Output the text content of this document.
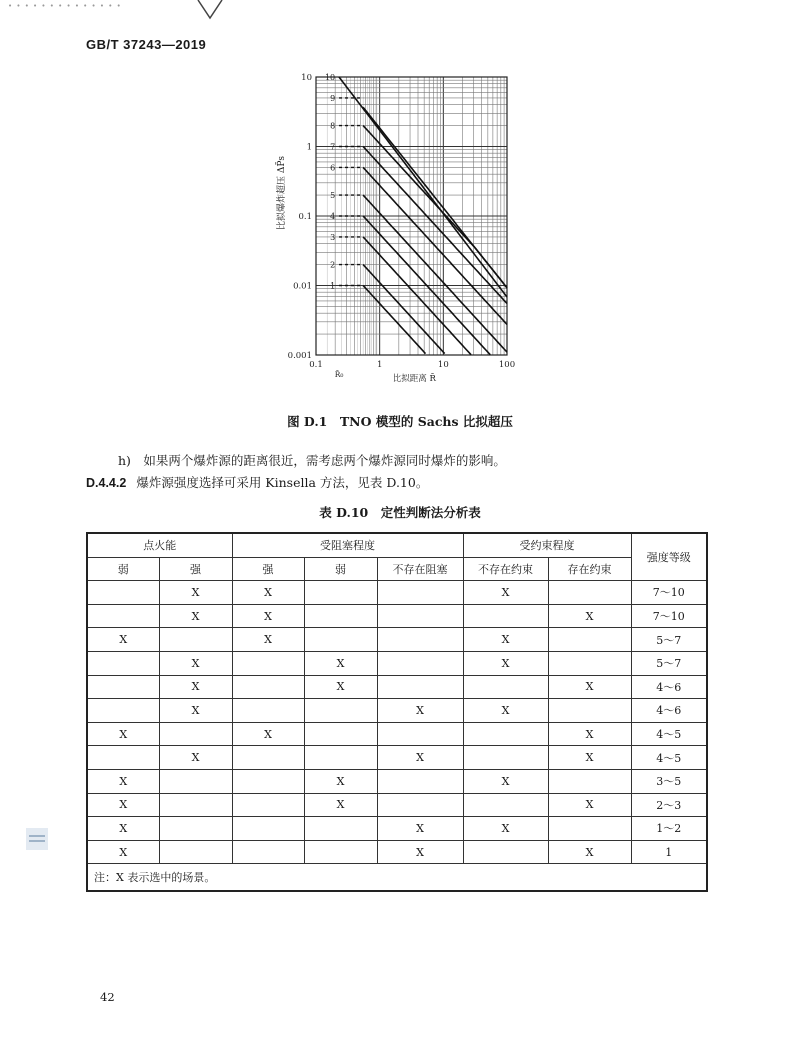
• • • • • • • • • • • • • •
GB/T 37243—2019
1
2
3
4
5
6
7
8
9
10
10
1
0.1
0.01
0.001
0.1	1	10	100
R̄₀	比拟距离 R̄
比拟爆炸超压 ΔP̄s
图 D.1　TNO 模型的 Sachs 比拟超压
h)　如果两个爆炸源的距离很近，需考虑两个爆炸源同时爆炸的影响。
D.4.4.2 爆炸源强度选择可采用 Kinsella 方法，见表 D.10。
表 D.10　定性判断法分析表
点火能		受阻塞程度			受约束程度		强度等级
弱	强	强	弱	不存在阻塞	不存在约束	存在约束	
	X	X			X		7～10
	X	X				X	7～10
X		X			X		5～7
	X		X		X		5～7
	X		X			X	4～6
	X			X	X		4～6
X		X				X	4～5
	X			X		X	4～5
X			X		X		3～5
X			X			X	2～3
X				X	X		1～2
X				X		X	1
注：X 表示选中的场景。							
42
